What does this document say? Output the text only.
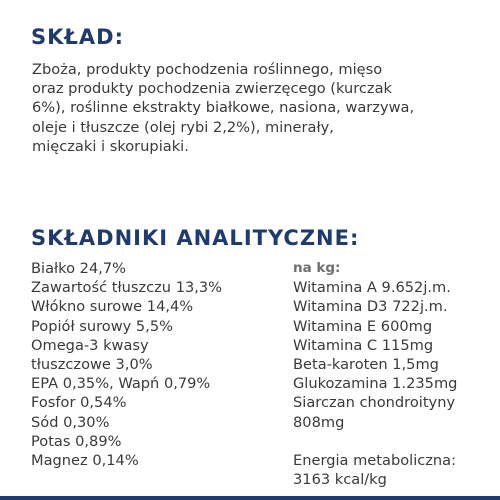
SKŁAD:
Zboża, produkty pochodzenia roślinnego, mięso
oraz produkty pochodzenia zwierzęcego (kurczak
6%), roślinne ekstrakty białkowe, nasiona, warzywa,
oleje i tłuszcze (olej rybi 2,2%), minerały,
mięczaki i skorupiaki.
SKŁADNIKI ANALITYCZNE:
Białko 24,7%
Zawartość tłuszczu 13,3%
Włókno surowe 14,4%
Popiół surowy 5,5%
Omega-3 kwasy
tłuszczowe 3,0%
EPA 0,35%, Wapń 0,79%
Fosfor 0,54%
Sód 0,30%
Potas 0,89%
Magnez 0,14%
na kg:
Witamina A 9.652j.m.
Witamina D3 722j.m.
Witamina E 600mg
Witamina C 115mg
Beta-karoten 1,5mg
Glukozamina 1.235mg
Siarczan chondroityny
808mg
Energia metaboliczna:
3163 kcal/kg
